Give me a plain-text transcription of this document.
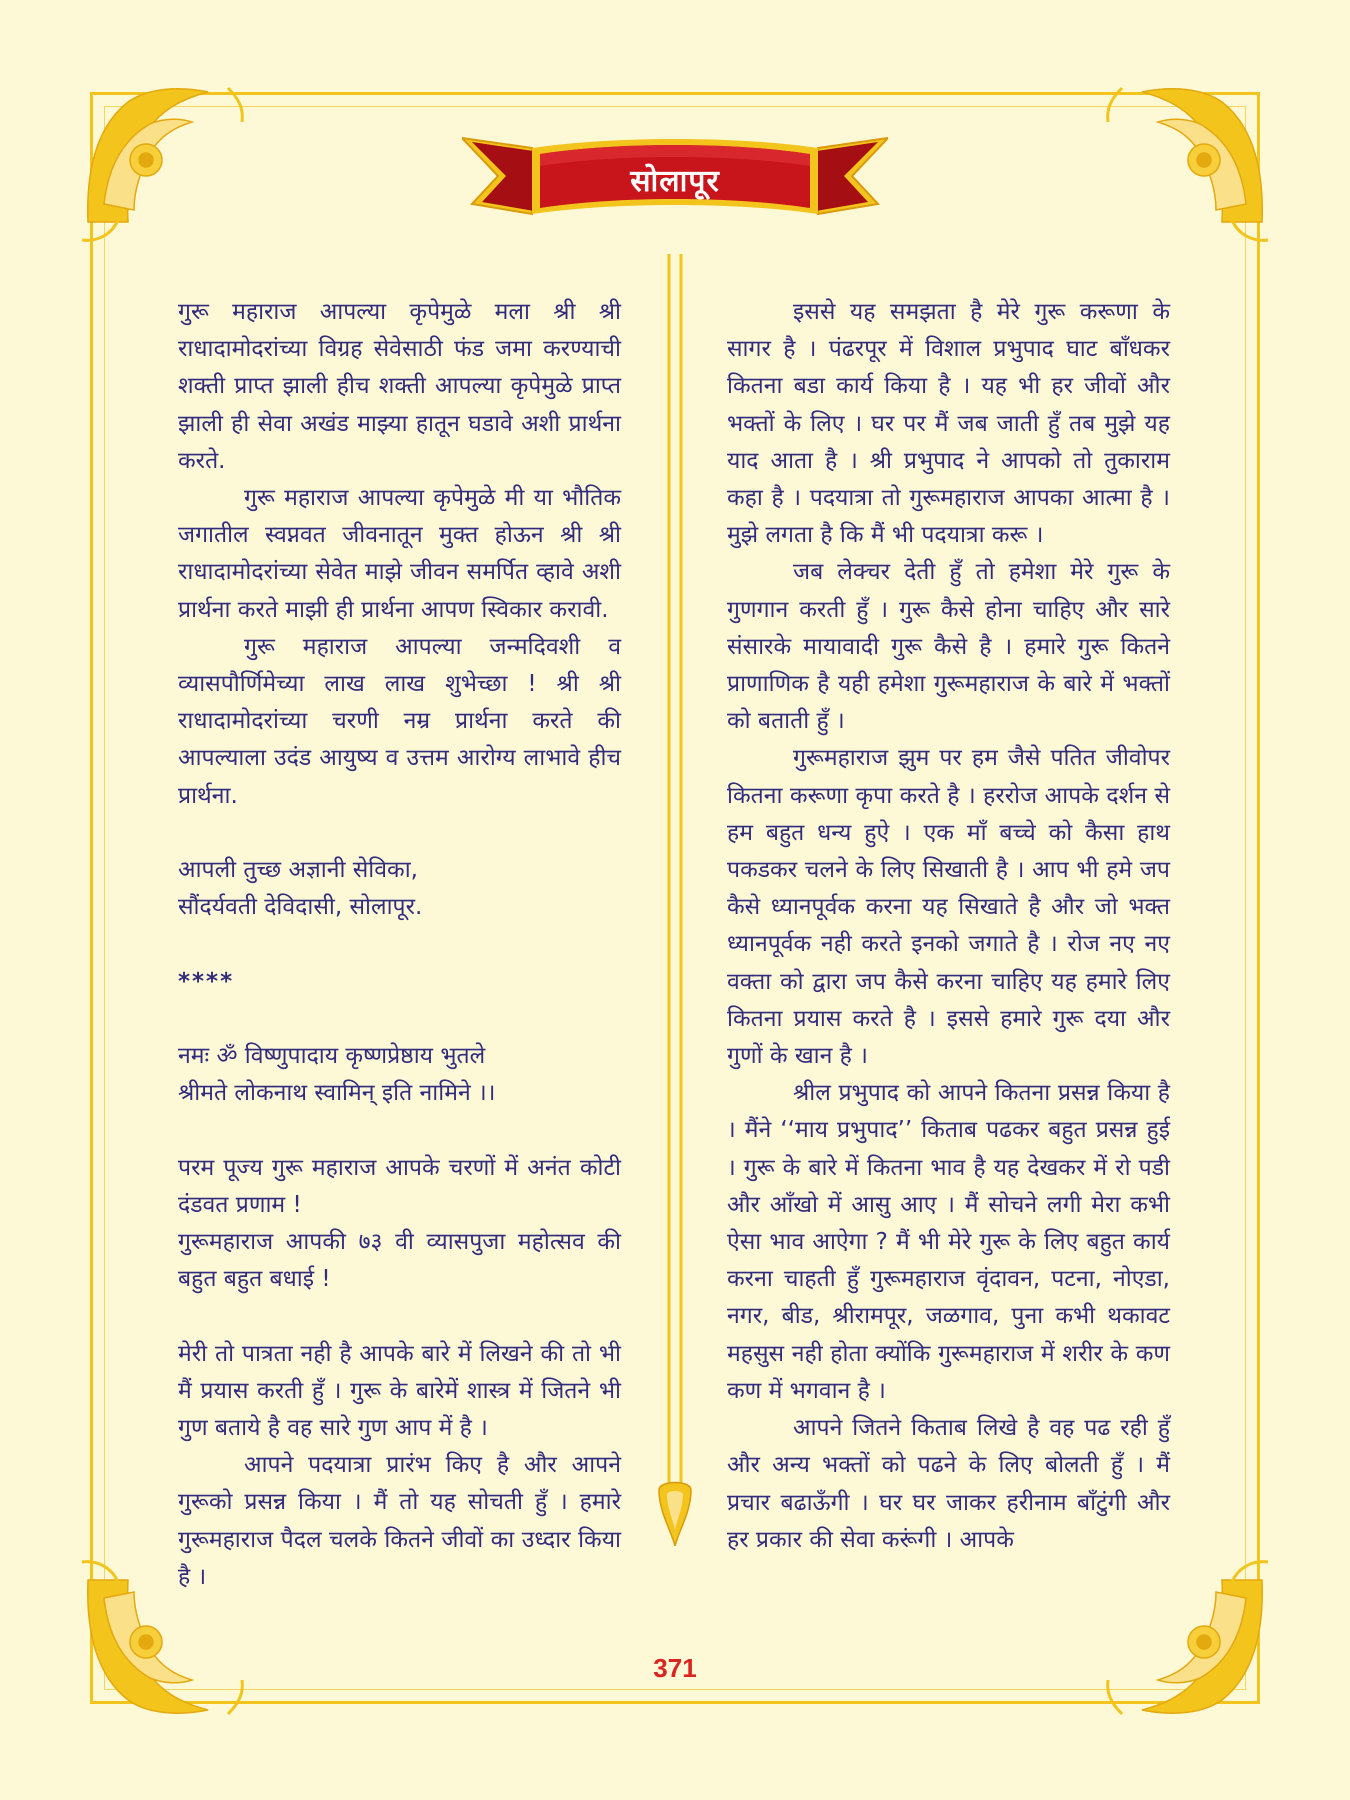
सोलापूर

गुरू महाराज आपल्या कृपेमुळे मला श्री श्री राधादामोदरांच्या विग्रह सेवेसाठी फंड जमा करण्याची शक्ती प्राप्त झाली हीच शक्ती आपल्या कृपेमुळे प्राप्त झाली ही सेवा अखंड माझ्या हातून घडावे अशी प्रार्थना करते.

गुरू महाराज आपल्या कृपेमुळे मी या भौतिक जगातील स्वप्नवत जीवनातून मुक्त होऊन श्री श्री राधादामोदरांच्या सेवेत माझे जीवन समर्पित व्हावे अशी प्रार्थना करते माझी ही प्रार्थना आपण स्विकार करावी.

गुरू महाराज आपल्या जन्मदिवशी व व्यासपौर्णिमेच्या लाख लाख शुभेच्छा ! श्री श्री राधादामोदरांच्या चरणी नम्र प्रार्थना करते की आपल्याला उदंड आयुष्य व उत्तम आरोग्य लाभावे हीच प्रार्थना.

आपली तुच्छ अज्ञानी सेविका,

सौंदर्यवती देविदासी, सोलापूर.

****

नमः ॐ विष्णुपादाय कृष्णप्रेष्ठाय भुतले

श्रीमते लोकनाथ स्वामिन् इति नामिने ।।

परम पूज्य गुरू महाराज आपके चरणों में अनंत कोटी दंडवत प्रणाम !

गुरूमहाराज आपकी ७३ वी व्यासपुजा महोत्सव की बहुत बहुत बधाई !

मेरी तो पात्रता नही है आपके बारे में लिखने की तो भी मैं प्रयास करती हुँ । गुरू के बारेमें शास्त्र में जितने भी गुण बताये है वह सारे गुण आप में है ।

आपने पदयात्रा प्रारंभ किए है और आपने गुरूको प्रसन्न किया । मैं तो यह सोचती हुँ । हमारे गुरूमहाराज पैदल चलके कितने जीवों का उध्दार किया है ।

इससे यह समझता है मेरे गुरू करूणा के सागर है । पंढरपूर में विशाल प्रभुपाद घाट बाँधकर कितना बडा कार्य किया है । यह भी हर जीवों और भक्तों के लिए । घर पर मैं जब जाती हुँ तब मुझे यह याद आता है । श्री प्रभुपाद ने आपको तो तुकाराम कहा है । पदयात्रा तो गुरूमहाराज आपका आत्मा है । मुझे लगता है कि मैं भी पदयात्रा करू ।

जब लेक्चर देती हुँ तो हमेशा मेरे गुरू के गुणगान करती हुँ । गुरू कैसे होना चाहिए और सारे संसारके मायावादी गुरू कैसे है । हमारे गुरू कितने प्राणाणिक है यही हमेशा गुरूमहाराज के बारे में भक्तों को बताती हुँ ।

गुरूमहाराज झुम पर हम जैसे पतित जीवोपर कितना करूणा कृपा करते है । हररोज आपके दर्शन से हम बहुत धन्य हुऐ । एक माँ बच्चे को कैसा हाथ पकडकर चलने के लिए सिखाती है । आप भी हमे जप कैसे ध्यानपूर्वक करना यह सिखाते है और जो भक्त ध्यानपूर्वक नही करते इनको जगाते है । रोज नए नए वक्ता को द्वारा जप कैसे करना चाहिए यह हमारे लिए कितना प्रयास करते है । इससे हमारे गुरू दया और गुणों के खान है ।

श्रील प्रभुपाद को आपने कितना प्रसन्न किया है । मैंने ‘‘माय प्रभुपाद’’ किताब पढकर बहुत प्रसन्न हुई । गुरू के बारे में कितना भाव है यह देखकर में रो पडी और आँखो में आसु आए । मैं सोचने लगी मेरा कभी ऐसा भाव आऐगा ? मैं भी मेरे गुरू के लिए बहुत कार्य करना चाहती हुँ गुरूमहाराज वृंदावन, पटना, नोएडा, नगर, बीड, श्रीरामपूर, जळगाव, पुना कभी थकावट महसुस नही होता क्योंकि गुरूमहाराज में शरीर के कण कण में भगवान है ।

आपने जितने किताब लिखे है वह पढ रही हुँ और अन्य भक्तों को पढने के लिए बोलती हुँ । मैं प्रचार बढाऊँगी । घर घर जाकर हरीनाम बाँटुंगी और हर प्रकार की सेवा करूंगी । आपके

371
